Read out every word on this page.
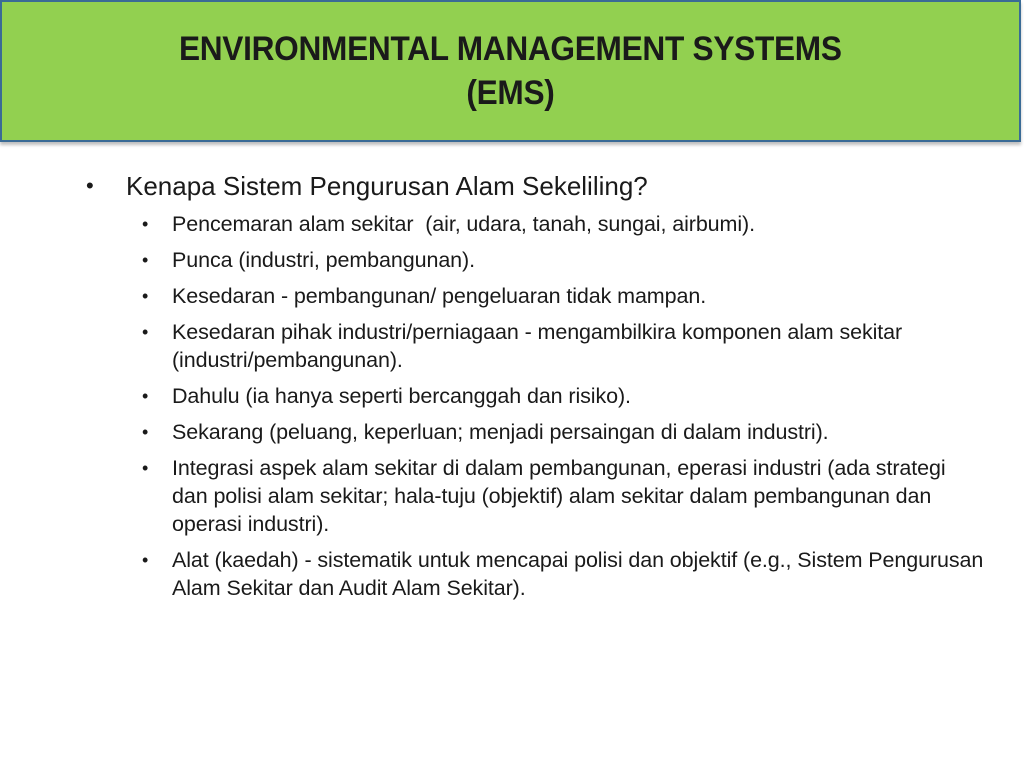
ENVIRONMENTAL MANAGEMENT SYSTEMS
(EMS)
•	Kenapa Sistem Pengurusan Alam Sekeliling?
•	Pencemaran alam sekitar  (air, udara, tanah, sungai, airbumi).
•	Punca (industri, pembangunan).
•	Kesedaran - pembangunan/ pengeluaran tidak mampan.
•	Kesedaran pihak industri/perniagaan - mengambilkira komponen alam sekitar (industri/pembangunan).
•	Dahulu (ia hanya seperti bercanggah dan risiko).
•	Sekarang (peluang, keperluan; menjadi persaingan di dalam industri).
•	Integrasi aspek alam sekitar di dalam pembangunan, eperasi industri (ada strategi dan polisi alam sekitar; hala-tuju (objektif) alam sekitar dalam pembangunan dan operasi industri).
•	Alat (kaedah) - sistematik untuk mencapai polisi dan objektif (e.g., Sistem Pengurusan Alam Sekitar dan Audit Alam Sekitar).
